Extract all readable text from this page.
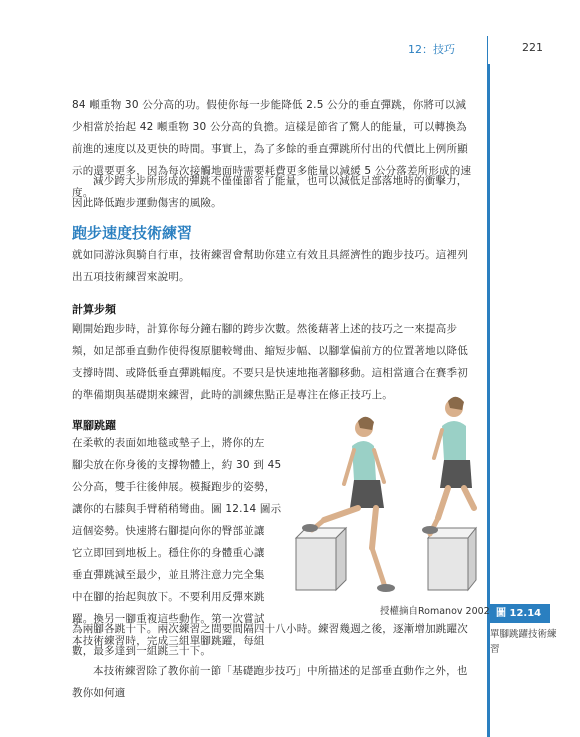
12：技巧	221
84 噸重物 30 公分高的功。假使你每一步能降低 2.5 公分的垂直彈跳，你將可以減少相當於抬起 42 噸重物 30 公分高的負擔。這樣是節省了驚人的能量，可以轉換為前進的速度以及更快的時間。事實上，為了多餘的垂直彈跳所付出的代價比上例所顯示的還要更多，因為每次接觸地面時需要耗費更多能量以減緩 5 公分落差所形成的速度。
減少跨大步所形成的彈跳不僅僅節省了能量，也可以減低足部落地時的衝擊力，因此降低跑步運動傷害的風險。
跑步速度技術練習
就如同游泳與騎自行車，技術練習會幫助你建立有效且具經濟性的跑步技巧。這裡列出五項技術練習來說明。
計算步頻
剛開始跑步時，計算你每分鐘右腳的跨步次數。然後藉著上述的技巧之一來提高步頻，如足部垂直動作使得復原腿較彎曲、縮短步幅、以腳掌偏前方的位置著地以降低支撐時間、或降低垂直彈跳幅度。不要只是快速地拖著腳移動。這相當適合在賽季初的準備期與基礎期來練習，此時的訓練焦點正是專注在修正技巧上。
單腳跳躍
在柔軟的表面如地毯或墊子上，將你的左
腳尖放在你身後的支撐物體上，約 30 到 45
公分高，雙手往後伸展。模擬跑步的姿勢，
讓你的右膝與手臂稍稍彎曲。圖 12.14 圖示
這個姿勢。快速將右腳提向你的臀部並讓
它立即回到地板上。穩住你的身體重心讓
垂直彈跳減至最少，並且將注意力完全集
中在腳的抬起與放下。不要利用反彈來跳
躍。換另一腳重複這些動作。第一次嘗試
本技術練習時，完成三組單腳跳躍，每組
授權摘自Romanov 2002
為兩腳各跳十下。兩次練習之間要間隔四十八小時。練習幾週之後，逐漸增加跳躍次數，最多達到一組跳三十下。
本技術練習除了教你前一節「基礎跑步技巧」中所描述的足部垂直動作之外，也教你如何適
圖 12.14
單腳跳躍技術練習
